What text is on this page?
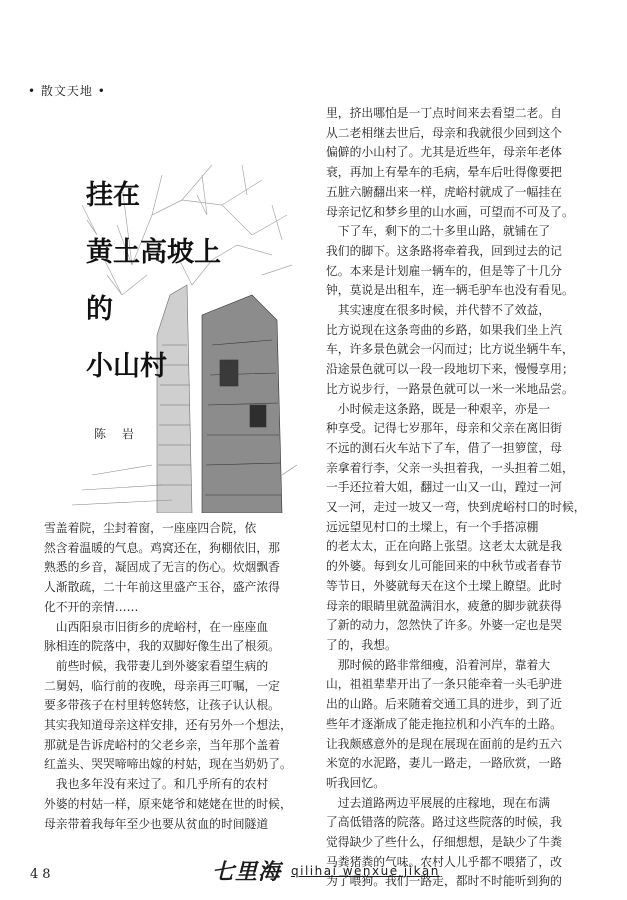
• 散文天地 •
挂在
黄土高坡上
的
小山村
陈 岩

雪盖着院，尘封着窗，一座座四合院，依

然含着温暖的气息。鸡窝还在，狗棚依旧，那

熟悉的乡音，凝固成了无言的伤心。炊烟飘香

人渐散疏，二十年前这里盛产玉谷，盛产浓得

化不开的亲情……

　山西阳泉市旧街乡的虎峪村，在一座座血

脉相连的院落中，我的双脚好像生出了根须。

　前些时候，我带妻儿到外婆家看望生病的

二舅妈，临行前的夜晚，母亲再三叮嘱，一定

要多带孩子在村里转悠转悠，让孩子认认根。

其实我知道母亲这样安排，还有另外一个想法，

那就是告诉虎峪村的父老乡亲，当年那个盖着

红盖头、哭哭啼啼出嫁的村姑，现在当奶奶了。

　我也多年没有来过了。和几乎所有的农村

外婆的村姑一样，原来姥爷和姥姥在世的时候，

母亲带着我每年至少也要从贫血的时间隧道

里，挤出哪怕是一丁点时间来去看望二老。自

从二老相继去世后，母亲和我就很少回到这个

偏僻的小山村了。尤其是近些年，母亲年老体

衰，再加上有晕车的毛病，晕车后吐得像要把

五脏六腑翻出来一样，虎峪村就成了一幅挂在

母亲记忆和梦乡里的山水画，可望而不可及了。

　下了车，剩下的二十多里山路，就铺在了

我们的脚下。这条路将牵着我，回到过去的记

忆。本来是计划雇一辆车的，但是等了十几分

钟，莫说是出租车，连一辆毛驴车也没有看见。

　其实速度在很多时候，并代替不了效益，

比方说现在这条弯曲的乡路，如果我们坐上汽

车，许多景色就会一闪而过；比方说坐辆牛车，

沿途景色就可以一段一段地切下来，慢慢享用；

比方说步行，一路景色就可以一米一米地品尝。

　小时候走这条路，既是一种艰辛，亦是一

种享受。记得七岁那年，母亲和父亲在离旧街

不远的测石火车站下了车，借了一担箩筐，母

亲拿着行李，父亲一头担着我，一头担着二姐，

一手还拉着大姐，翻过一山又一山，蹚过一河

又一河，走过一坡又一弯，快到虎峪村口的时候，

远远望见村口的土墚上，有一个手搭凉棚

的老太太，正在向路上张望。这老太太就是我

的外婆。每到女儿可能回来的中秋节或者春节

等节日，外婆就每天在这个土墚上瞭望。此时

母亲的眼睛里就盈满泪水，疲惫的脚步就获得

了新的动力，忽然快了许多。外婆一定也是哭

了的，我想。

　那时候的路非常细瘦，沿着河岸，靠着大

山，祖祖辈辈开出了一条只能牵着一头毛驴进

出的山路。后来随着交通工具的进步，到了近

些年才逐渐成了能走拖拉机和小汽车的土路。

让我颇感意外的是现在展现在面前的是约五六

米宽的水泥路，妻儿一路走，一路欣赏，一路

听我回忆。

　过去道路两边平展展的庄稼地，现在布满

了高低错落的院落。路过这些院落的时候，我

觉得缺少了些什么，仔细想想，是缺少了牛粪

马粪猪粪的气味。农村人儿乎都不喂猪了，改

为了喂狗。我们一路走，都时不时能听到狗的

48	七里海 qilihai wenxue jikan
